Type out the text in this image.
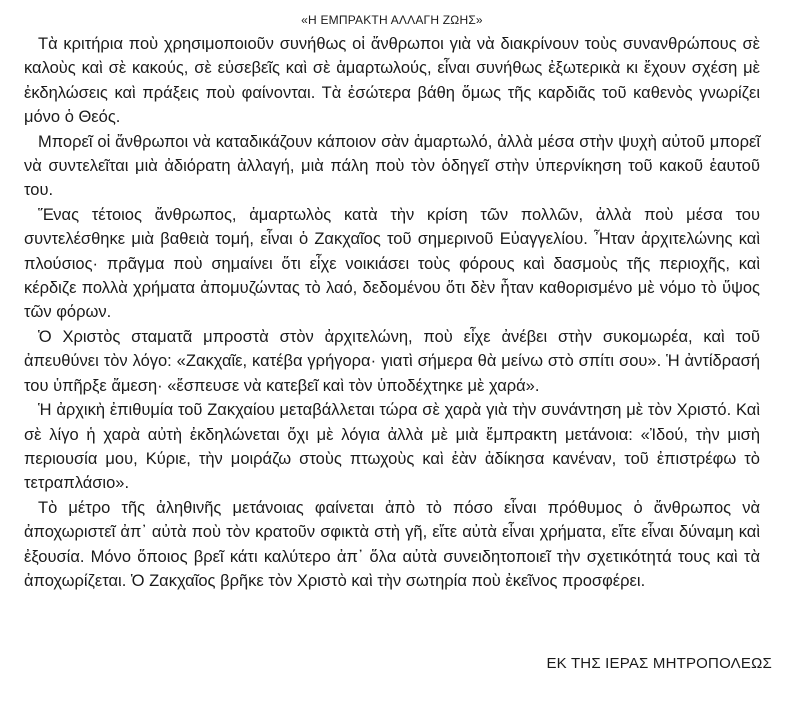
«Η ΕΜΠΡΑΚΤΗ ΑΛΛΑΓΗ ΖΩΗΣ»

Τὰ κριτήρια ποὺ χρησιμοποιοῦν συνήθως οἱ ἄνθρωποι γιὰ νὰ διακρίνουν τοὺς συνανθρώπους σὲ καλοὺς καὶ σὲ κακούς, σὲ εὐσεβεῖς καὶ σὲ ἁμαρτωλούς, εἶναι συνήθως ἐξωτερικὰ κι ἔχουν σχέση μὲ ἐκδηλώσεις καὶ πράξεις ποὺ φαίνονται. Τὰ ἐσώτερα βάθη ὅμως τῆς καρδιᾶς τοῦ καθενὸς γνωρίζει μόνο ὁ Θεός.

Μπορεῖ οἱ ἄνθρωποι νὰ καταδικάζουν κάποιον σὰν ἁμαρτωλό, ἀλλὰ μέσα στὴν ψυχὴ αὐτοῦ μπορεῖ νὰ συντελεῖται μιὰ ἀδιόρατη ἀλλαγή, μιὰ πάλη ποὺ τὸν ὁδηγεῖ στὴν ὑπερνίκηση τοῦ κακοῦ ἑαυτοῦ του.

Ἕνας τέτοιος ἄνθρωπος, ἁμαρτωλὸς κατὰ τὴν κρίση τῶν πολλῶν, ἀλλὰ ποὺ μέσα του συντελέσθηκε μιὰ βαθειὰ τομή, εἶναι ὁ Ζακχαῖος τοῦ σημερινοῦ Εὐαγγελίου. Ἦταν ἀρχιτελώνης καὶ πλούσιος· πρᾶγμα ποὺ σημαίνει ὅτι εἶχε νοικιάσει τοὺς φόρους καὶ δασμοὺς τῆς περιοχῆς, καὶ κέρδιζε πολλὰ χρήματα ἀπομυζώντας τὸ λαό, δεδομένου ὅτι δὲν ἦταν καθορισμένο μὲ νόμο τὸ ὕψος τῶν φόρων.

Ὁ Χριστὸς σταματᾶ μπροστὰ στὸν ἀρχιτελώνη, ποὺ εἶχε ἀνέβει στὴν συκομωρέα, καὶ τοῦ ἀπευθύνει τὸν λόγο: «Ζακχαῖε, κατέβα γρήγορα· γιατὶ σήμερα θὰ μείνω στὸ σπίτι σου». Ἡ ἀντίδρασή του ὑπῆρξε ἄμεση· «ἔσπευσε νὰ κατεβεῖ καὶ τὸν ὑποδέχτηκε μὲ χαρά».

Ἡ ἀρχικὴ ἐπιθυμία τοῦ Ζακχαίου μεταβάλλεται τώρα σὲ χαρὰ γιὰ τὴν συνάντηση μὲ τὸν Χριστό. Καὶ σὲ λίγο ἡ χαρὰ αὐτὴ ἐκδηλώνεται ὄχι μὲ λόγια ἀλλὰ μὲ μιὰ ἔμπρακτη μετάνοια: «Ἰδού, τὴν μισὴ περιουσία μου, Κύριε, τὴν μοιράζω στοὺς πτωχοὺς καὶ ἐὰν ἀδίκησα κανέναν, τοῦ ἐπιστρέφω τὸ τετραπλάσιο».

Τὸ μέτρο τῆς ἀληθινῆς μετάνοιας φαίνεται ἀπὸ τὸ πόσο εἶναι πρόθυμος ὁ ἄνθρωπος νὰ ἀποχωριστεῖ ἀπ᾿ αὐτὰ ποὺ τὸν κρατοῦν σφικτὰ στὴ γῆ, εἴτε αὐτὰ εἶναι χρήματα, εἴτε εἶναι δύναμη καὶ ἐξουσία. Μόνο ὅποιος βρεῖ κάτι καλύτερο ἀπ᾿ ὅλα αὐτὰ συνειδητοποιεῖ τὴν σχετικότητά τους καὶ τὰ ἀποχωρίζεται. Ὁ Ζακχαῖος βρῆκε τὸν Χριστὸ καὶ τὴν σωτηρία ποὺ ἐκεῖνος προσφέρει.

ΕΚ ΤΗΣ ΙΕΡΑΣ ΜΗΤΡΟΠΟΛΕΩΣ
